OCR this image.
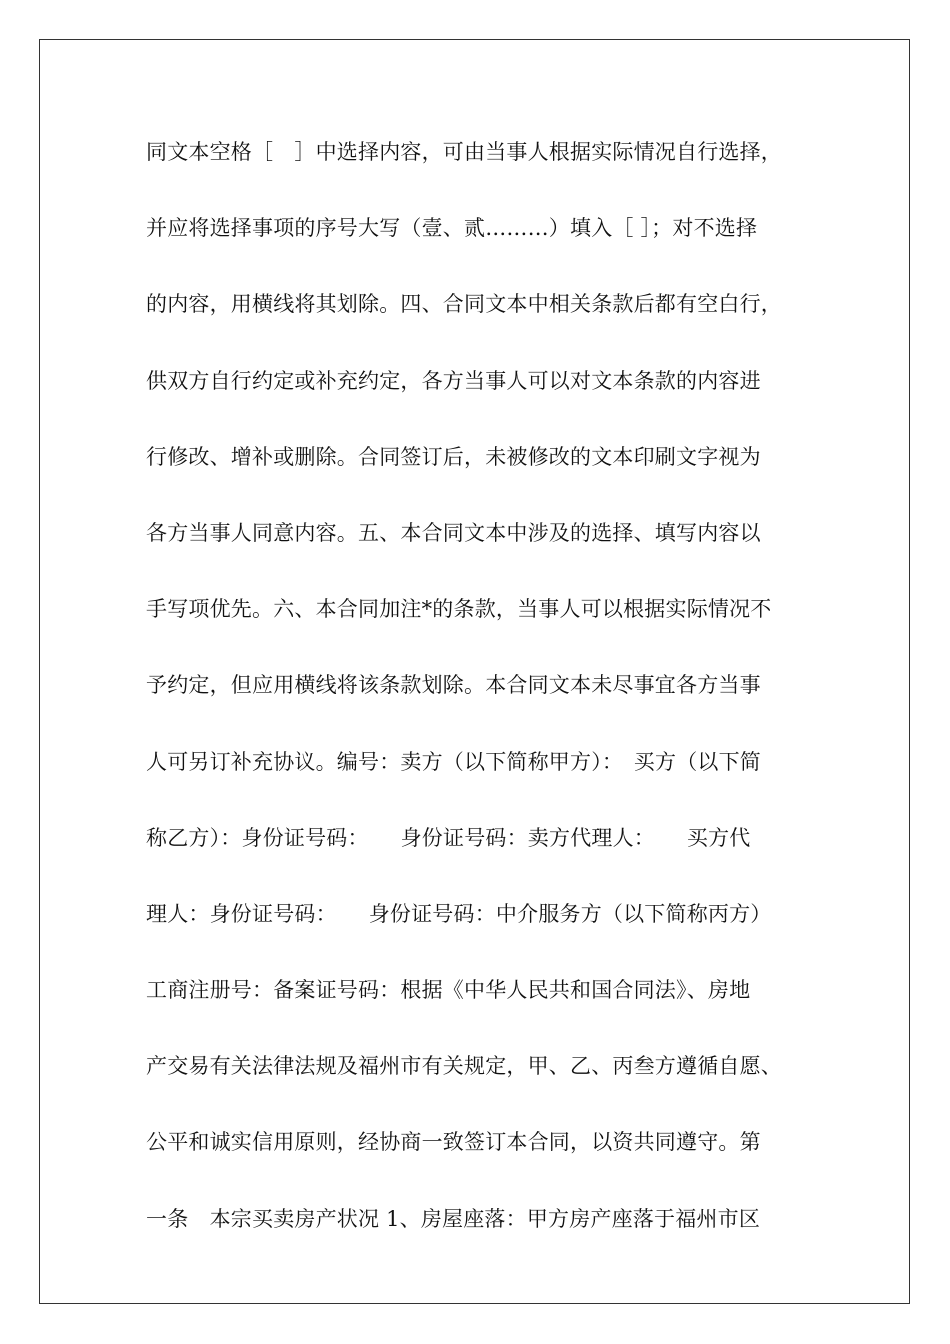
同文本空格［　］中选择内容，可由当事人根据实际情况自行选择，
并应将选择事项的序号大写（壹、贰………）填入［ ］；对不选择
的内容，用横线将其划除。四、合同文本中相关条款后都有空白行，
供双方自行约定或补充约定，各方当事人可以对文本条款的内容进
行修改、增补或删除。合同签订后，未被修改的文本印刷文字视为
各方当事人同意内容。五、本合同文本中涉及的选择、填写内容以
手写项优先。六、本合同加注*的条款，当事人可以根据实际情况不
予约定，但应用横线将该条款划除。本合同文本未尽事宜各方当事
人可另订补充协议。编号：卖方（以下简称甲方）：　买方（以下简
称乙方）：身份证号码：　　身份证号码：卖方代理人：　　买方代
理人：身份证号码：　　身份证号码：中介服务方（以下简称丙方）
工商注册号：备案证号码：根据《中华人民共和国合同法》、房地
产交易有关法律法规及福州市有关规定，甲、乙、丙叁方遵循自愿、
公平和诚实信用原则，经协商一致签订本合同，以资共同遵守。第
一条　本宗买卖房产状况 1、房屋座落：甲方房产座落于福州市区
